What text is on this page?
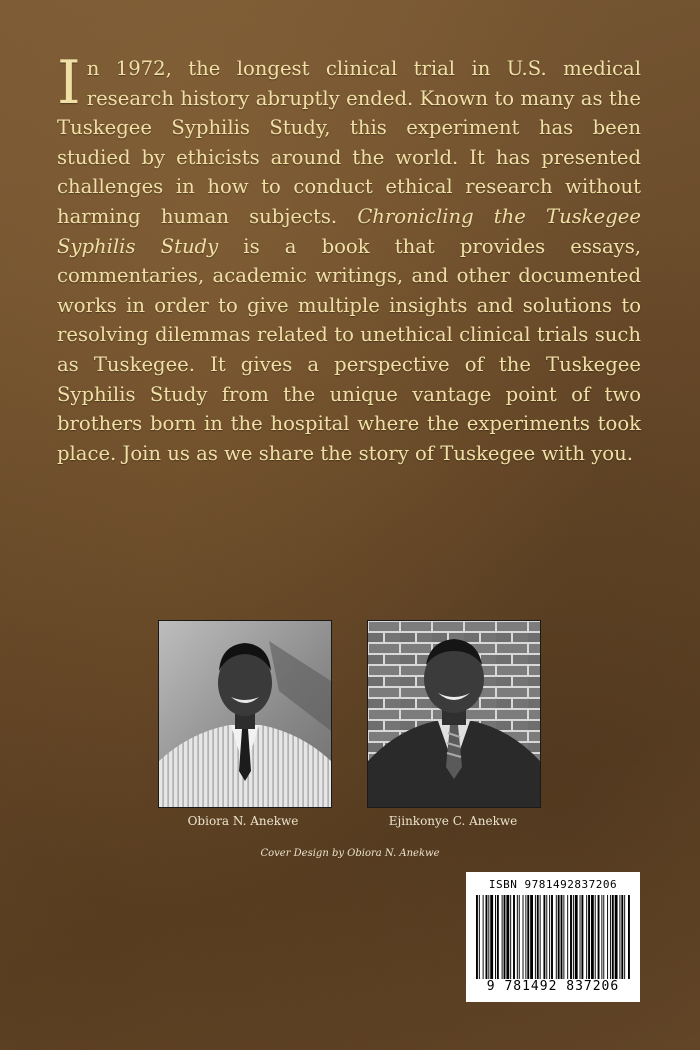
In 1972, the longest clinical trial in U.S. medical research history abruptly ended. Known to many as the Tuskegee Syphilis Study, this experiment has been studied by ethicists around the world. It has presented challenges in how to conduct ethical research without harming human subjects. Chronicling the Tuskegee Syphilis Study is a book that provides essays, commentaries, academic writings, and other documented works in order to give multiple insights and solutions to resolving dilemmas related to unethical clinical trials such as Tuskegee. It gives a perspective of the Tuskegee Syphilis Study from the unique vantage point of two brothers born in the hospital where the experiments took place. Join us as we share the story of Tuskegee with you.

Obiora N. Anekwe	Ejinkonye C. Anekwe
Cover Design by Obiora N. Anekwe
ISBN 9781492837206
9 781492 837206
